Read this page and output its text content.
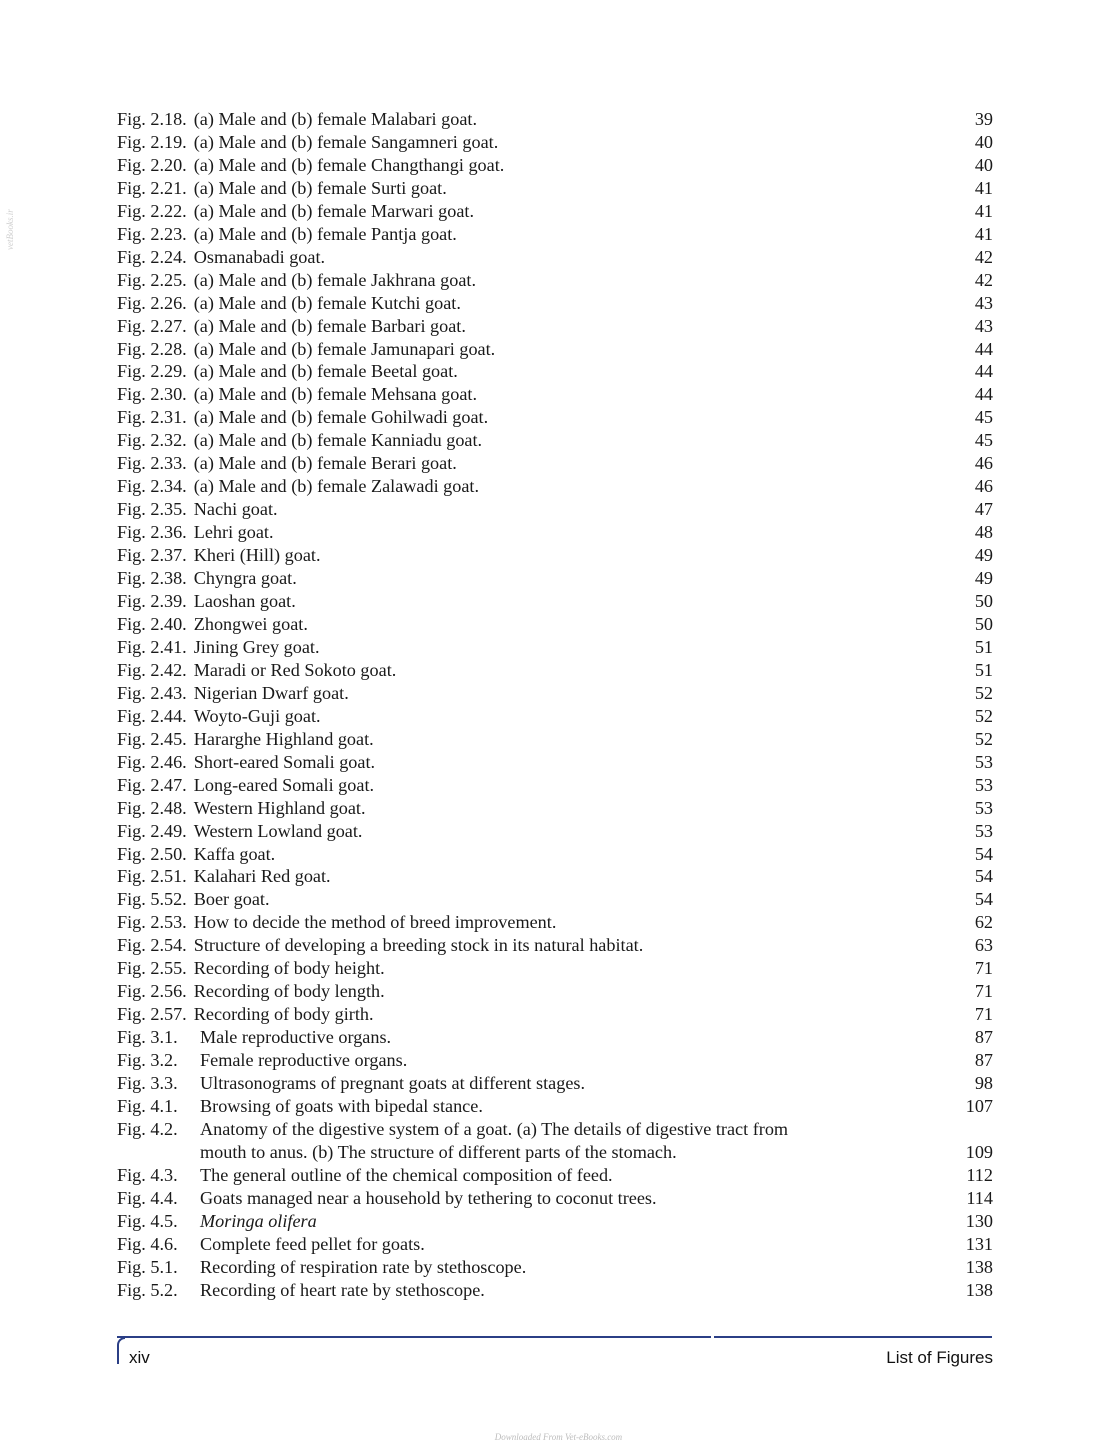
Fig. 2.18. (a) Male and (b) female Malabari goat.	39
Fig. 2.19. (a) Male and (b) female Sangamneri goat.	40
Fig. 2.20. (a) Male and (b) female Changthangi goat.	40
Fig. 2.21. (a) Male and (b) female Surti goat.	41
Fig. 2.22. (a) Male and (b) female Marwari goat.	41
Fig. 2.23. (a) Male and (b) female Pantja goat.	41
Fig. 2.24. Osmanabadi goat.	42
Fig. 2.25. (a) Male and (b) female Jakhrana goat.	42
Fig. 2.26. (a) Male and (b) female Kutchi goat.	43
Fig. 2.27. (a) Male and (b) female Barbari goat.	43
Fig. 2.28. (a) Male and (b) female Jamunapari goat.	44
Fig. 2.29. (a) Male and (b) female Beetal goat.	44
Fig. 2.30. (a) Male and (b) female Mehsana goat.	44
Fig. 2.31. (a) Male and (b) female Gohilwadi goat.	45
Fig. 2.32. (a) Male and (b) female Kanniadu goat.	45
Fig. 2.33. (a) Male and (b) female Berari goat.	46
Fig. 2.34. (a) Male and (b) female Zalawadi goat.	46
Fig. 2.35. Nachi goat.	47
Fig. 2.36. Lehri goat.	48
Fig. 2.37. Kheri (Hill) goat.	49
Fig. 2.38. Chyngra goat.	49
Fig. 2.39. Laoshan goat.	50
Fig. 2.40. Zhongwei goat.	50
Fig. 2.41. Jining Grey goat.	51
Fig. 2.42. Maradi or Red Sokoto goat.	51
Fig. 2.43. Nigerian Dwarf goat.	52
Fig. 2.44. Woyto-Guji goat.	52
Fig. 2.45. Hararghe Highland goat.	52
Fig. 2.46. Short-eared Somali goat.	53
Fig. 2.47. Long-eared Somali goat.	53
Fig. 2.48. Western Highland goat.	53
Fig. 2.49. Western Lowland goat.	53
Fig. 2.50. Kaffa goat.	54
Fig. 2.51. Kalahari Red goat.	54
Fig. 5.52. Boer goat.	54
Fig. 2.53. How to decide the method of breed improvement.	62
Fig. 2.54. Structure of developing a breeding stock in its natural habitat.	63
Fig. 2.55. Recording of body height.	71
Fig. 2.56. Recording of body length.	71
Fig. 2.57. Recording of body girth.	71
Fig. 3.1.	Male reproductive organs.	87
Fig. 3.2.	Female reproductive organs.	87
Fig. 3.3.	Ultrasonograms of pregnant goats at different stages.	98
Fig. 4.1.	Browsing of goats with bipedal stance.	107
Fig. 4.2.	Anatomy of the digestive system of a goat. (a) The details of digestive tract from
mouth to anus. (b) The structure of different parts of the stomach.	109
Fig. 4.3.	The general outline of the chemical composition of feed.	112
Fig. 4.4.	Goats managed near a household by tethering to coconut trees.	114
Fig. 4.5.	Moringa olifera	130
Fig. 4.6.	Complete feed pellet for goats.	131
Fig. 5.1.	Recording of respiration rate by stethoscope.	138
Fig. 5.2.	Recording of heart rate by stethoscope.	138
xiv	List of Figures
vetBooks.ir
Downloaded From Vet-eBooks.com
